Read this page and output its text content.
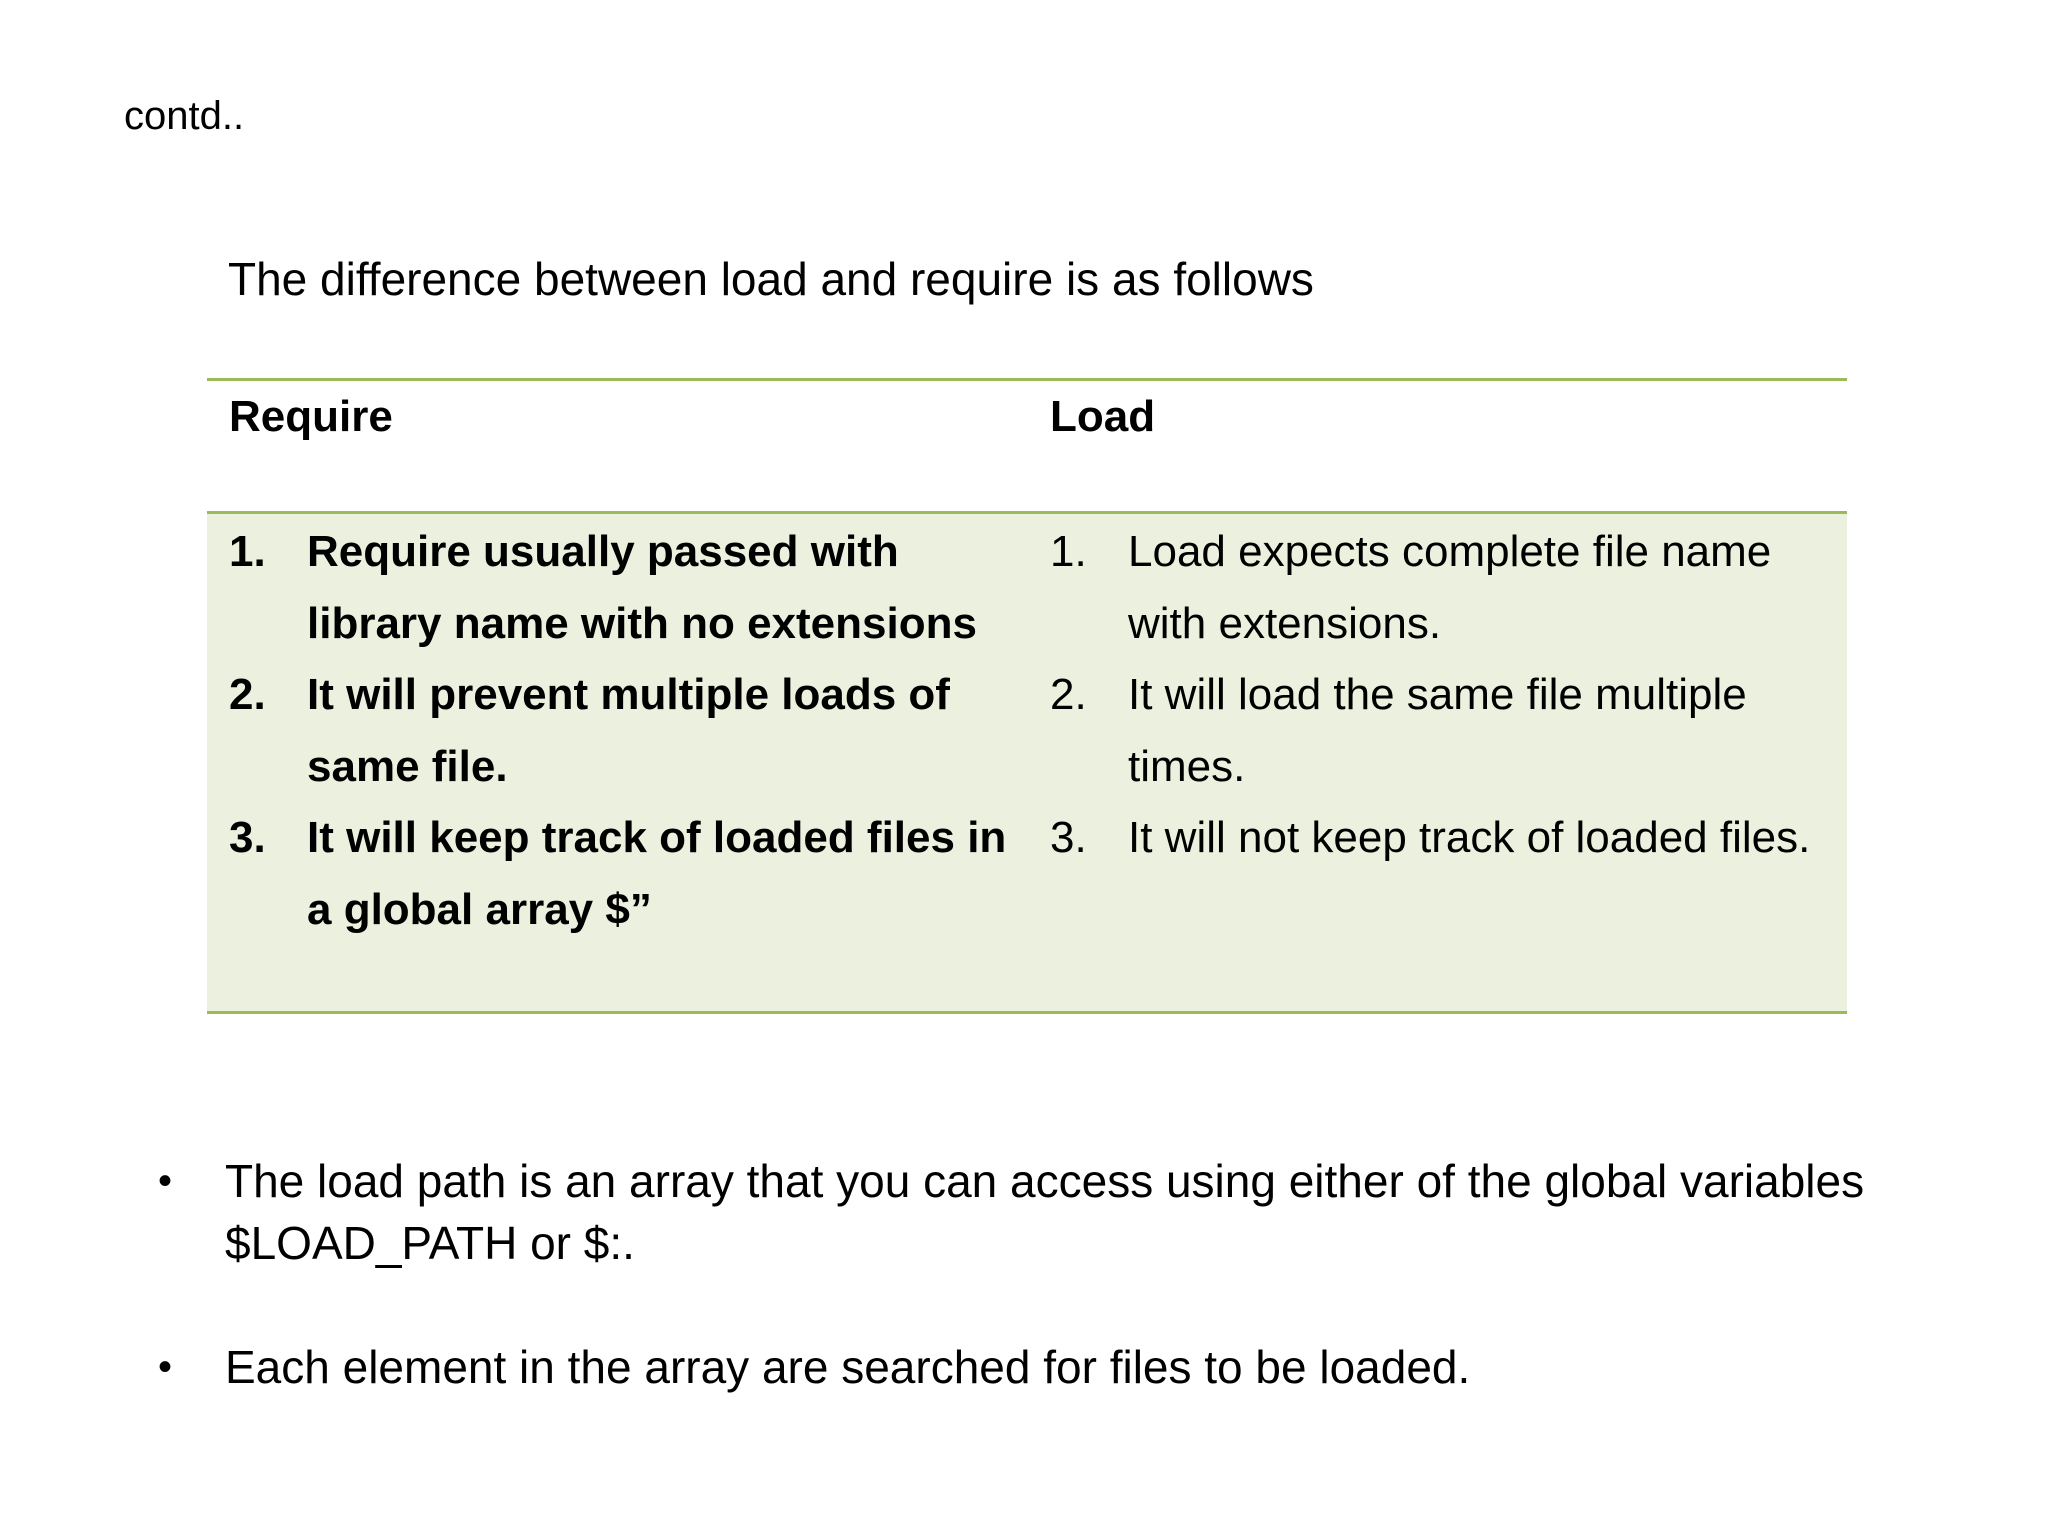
contd..
The difference between load and require is as follows
Require	Load
1. Require usually passed with library name with no extensions
2. It will prevent multiple loads of same file.
3. It will keep track of loaded files in a global array $”
1. Load expects complete file name with extensions.
2. It will load the same file multiple times.
3. It will not keep track of loaded files.
• The load path is an array that you can access using either of the global variables $LOAD_PATH or $:.
• Each element in the array are searched for files to be loaded.
